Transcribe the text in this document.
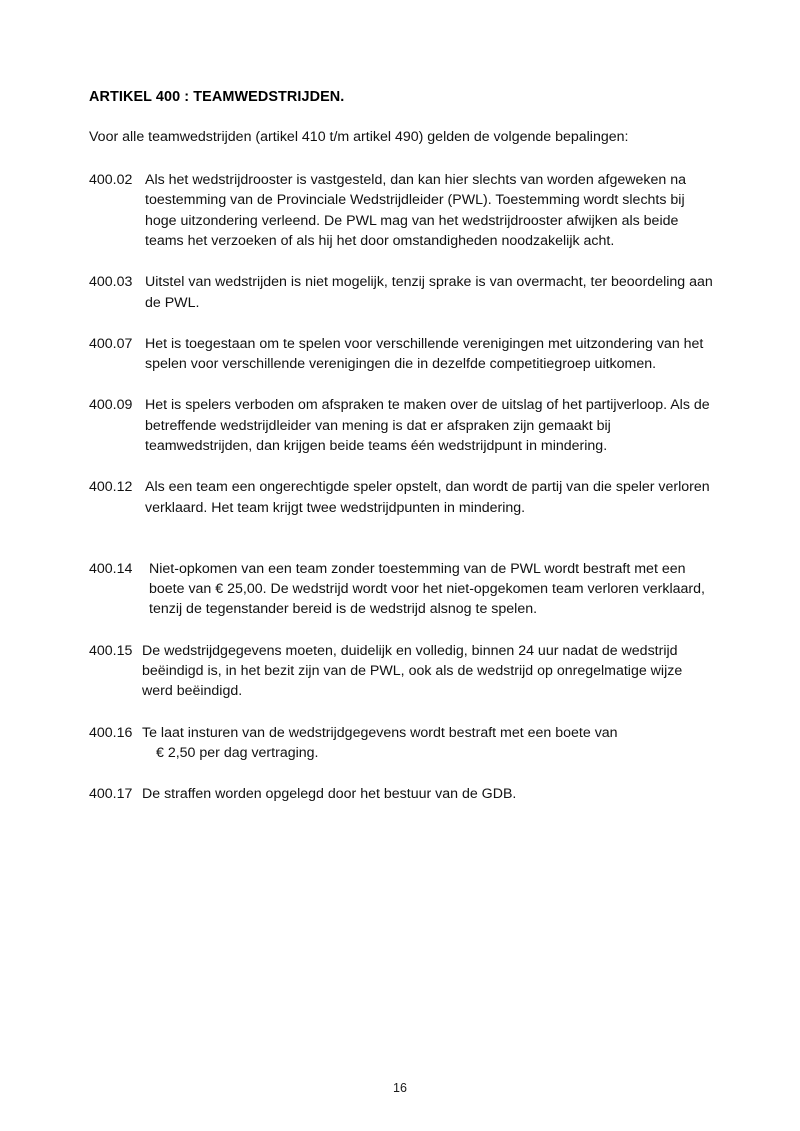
ARTIKEL 400 : TEAMWEDSTRIJDEN.

Voor alle teamwedstrijden (artikel 410 t/m artikel 490) gelden de volgende bepalingen:

400.02 Als het wedstrijdrooster is vastgesteld, dan kan hier slechts van worden afgeweken na toestemming van de Provinciale Wedstrijdleider (PWL). Toestemming wordt slechts bij hoge uitzondering verleend. De PWL mag van het wedstrijdrooster afwijken als beide teams het verzoeken of als hij het door omstandigheden noodzakelijk acht.
400.03 Uitstel van wedstrijden is niet mogelijk, tenzij sprake is van overmacht, ter beoordeling aan de PWL.
400.07 Het is toegestaan om te spelen voor verschillende verenigingen met uitzondering van het spelen voor verschillende verenigingen die in dezelfde competitiegroep uitkomen.
400.09 Het is spelers verboden om afspraken te maken over de uitslag of het partijverloop. Als de betreffende wedstrijdleider van mening is dat er afspraken zijn gemaakt bij teamwedstrijden, dan krijgen beide teams één wedstrijdpunt in mindering.
400.12 Als een team een ongerechtigde speler opstelt, dan wordt de partij van die speler verloren verklaard. Het team krijgt twee wedstrijdpunten in mindering.
400.14	Niet-opkomen van een team zonder toestemming van de PWL wordt bestraft met een boete van € 25,00. De wedstrijd wordt voor het niet-opgekomen team verloren verklaard, tenzij de tegenstander bereid is de wedstrijd alsnog te spelen.
400.15 De wedstrijdgegevens moeten, duidelijk en volledig, binnen 24 uur nadat de wedstrijd beëindigd is, in het bezit zijn van de PWL, ook als de wedstrijd op onregelmatige wijze werd beëindigd.
400.16 Te laat insturen van de wedstrijdgegevens wordt bestraft met een boete van
€ 2,50 per dag vertraging.
400.17 De straffen worden opgelegd door het bestuur van de GDB.
16
